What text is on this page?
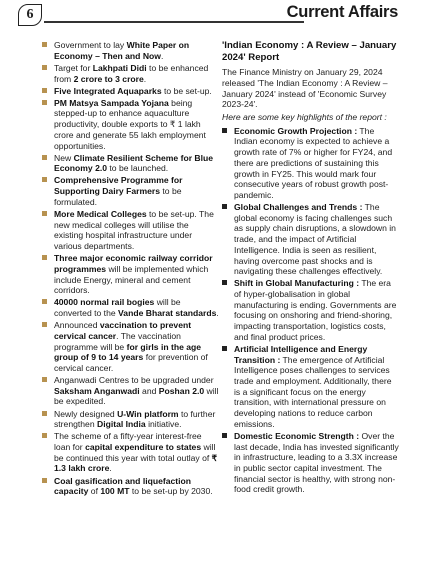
6	Current Affairs
Government to lay White Paper on Economy – Then and Now.
Target for Lakhpati Didi to be enhanced from 2 crore to 3 crore.
Five Integrated Aquaparks to be set-up.
PM Matsya Sampada Yojana being stepped-up to enhance aquaculture productivity, double exports to ₹ 1 lakh crore and generate 55 lakh employment opportunities.
New Climate Resilient Scheme for Blue Economy 2.0 to be launched.
Comprehensive Programme for Supporting Dairy Farmers to be formulated.
More Medical Colleges to be set-up. The new medical colleges will utilise the existing hospital infrastructure under various departments.
Three major economic railway corridor programmes will be implemented which include Energy, mineral and cement corridors.
40000 normal rail bogies will be converted to the Vande Bharat standards.
Announced vaccination to prevent cervical cancer. The vaccination programme will be for girls in the age group of 9 to 14 years for prevention of cervical cancer.
Anganwadi Centres to be upgraded under Saksham Anganwadi and Poshan 2.0 will be expedited.
Newly designed U-Win platform to further strengthen Digital India initiative.
The scheme of a fifty-year interest-free loan for capital expenditure to states will be continued this year with total outlay of ₹ 1.3 lakh crore.
Coal gasification and liquefaction capacity of 100 MT to be set-up by 2030.
'Indian Economy : A Review – January 2024' Report
The Finance Ministry on January 29, 2024 released 'The Indian Economy : A Review – January 2024' instead of 'Economic Survey 2023-24'.
Here are some key highlights of the report :
Economic Growth Projection : The Indian economy is expected to achieve a growth rate of 7% or higher for FY24, and there are predictions of sustaining this growth in FY25. This would mark four consecutive years of robust growth post-pandemic.
Global Challenges and Trends : The global economy is facing challenges such as supply chain disruptions, a slowdown in trade, and the impact of Artificial Intelligence. India is seen as resilient, having overcome past shocks and is navigating these challenges effectively.
Shift in Global Manufacturing : The era of hyper-globalisation in global manufacturing is ending. Governments are focusing on onshoring and friend-shoring, impacting transportation, logistics costs, and final product prices.
Artificial Intelligence and Energy Transition : The emergence of Artificial Intelligence poses challenges to services trade and employment. Additionally, there is a significant focus on the energy transition, with international pressure on developing nations to reduce carbon emissions.
Domestic Economic Strength : Over the last decade, India has invested significantly in infrastructure, leading to a 3.3X increase in public sector capital investment. The financial sector is healthy, with strong non-food credit growth.
